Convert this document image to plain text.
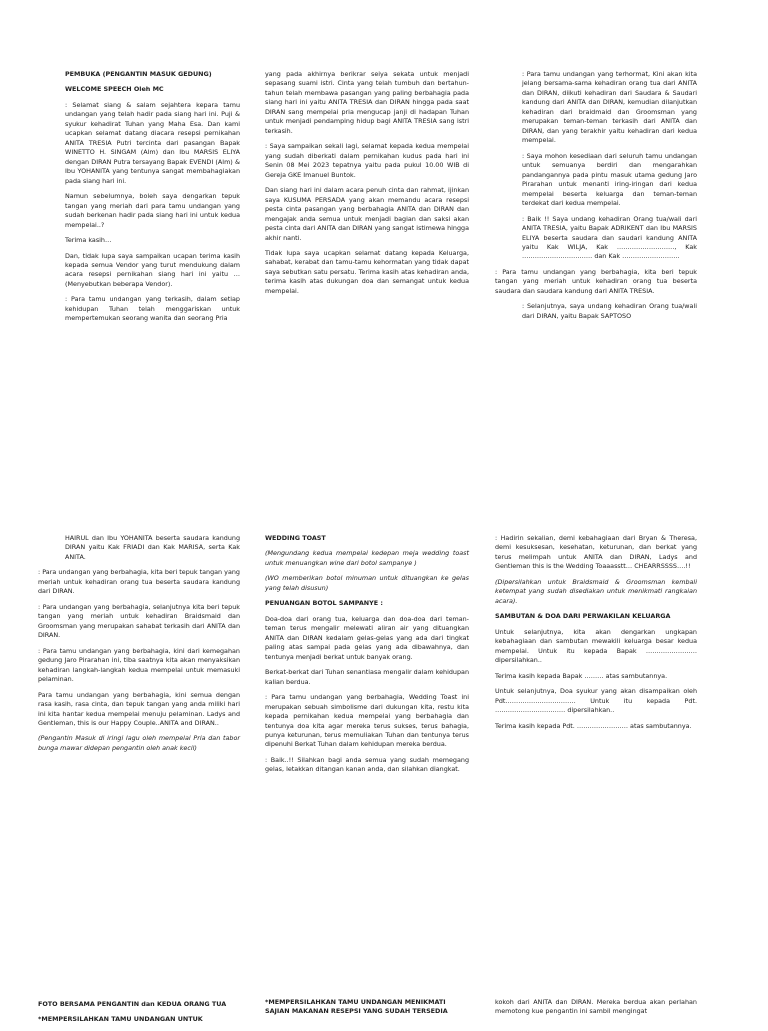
PEMBUKA (PENGANTIN MASUK GEDUNG)

WELCOME SPEECH Oleh MC

: Selamat siang & salam sejahtera kepara tamu undangan yang telah hadir pada siang hari ini. Puji & syukur kehadirat Tuhan yang Maha Esa. Dan kami ucapkan selamat datang diacara resepsi pernikahan ANITA TRESIA Putri tercinta dari pasangan Bapak WINETTO H. SINGAM (Alm) dan Ibu MARSIS ELIYA dengan DIRAN Putra tersayang Bapak EVENDI (Alm) & Ibu YOHANITA yang tentunya sangat membahagiakan pada siang hari ini.

Namun sebelumnya, boleh saya dengarkan tepuk tangan yang meriah dari para tamu undangan yang sudah berkenan hadir pada siang hari ini untuk kedua mempelai..?

Terima kasih…

Dan, tidak lupa saya sampaikan ucapan terima kasih kepada semua Vendor yang turut mendukung dalam acara resepsi pernikahan siang hari ini yaitu … (Menyebutkan beberapa Vendor).

: Para tamu undangan yang terkasih, dalam setiap kehidupan Tuhan telah menggariskan untuk mempertemukan seorang wanita dan seorang Pria

yang pada akhirnya berikrar seiya sekata untuk menjadi sepasang suami istri. Cinta yang telah tumbuh dan bertahun-tahun telah membawa pasangan yang paling berbahagia pada siang hari ini yaitu ANITA TRESIA dan DIRAN hingga pada saat DIRAN sang mempelai pria mengucap janji di hadapan Tuhan untuk menjadi pendamping hidup bagi ANITA TRESIA sang istri terkasih.

: Saya sampaikan sekali lagi, selamat kepada kedua mempelai yang sudah diberkati dalam pernikahan kudus pada hari ini Senin 08 Mei 2023 tepatnya yaitu pada pukul 10.00 WIB di Gereja GKE Imanuel Buntok.

Dan siang hari ini dalam acara penuh cinta dan rahmat, ijinkan saya KUSUMA PERSADA yang akan memandu acara resepsi pesta cinta pasangan yang berbahagia ANITA dan DIRAN dan mengajak anda semua untuk menjadi bagian dan saksi akan pesta cinta dari ANITA dan DIRAN yang sangat istimewa hingga akhir nanti.

Tidak lupa saya ucapkan selamat datang kepada Keluarga, sahabat, kerabat dan tamu-tamu kehormatan yang tidak dapat saya sebutkan satu persatu. Terima kasih atas kehadiran anda, terima kasih atas dukungan doa dan semangat untuk kedua mempelai.

: Para tamu undangan yang terhormat, Kini akan kita jelang bersama-sama kehadiran orang tua dari ANITA dan DIRAN, diikuti kehadiran dari Saudara & Saudari kandung dari ANITA dan DIRAN, kemudian dilanjutkan kehadiran dari braidmaid dan Groomsman yang merupakan teman-teman terkasih dari ANITA dan DIRAN, dan yang terakhir yaitu kehadiran dari kedua mempelai.

: Saya mohon kesediaan dari seluruh tamu undangan untuk semuanya berdiri dan mengarahkan pandangannya pada pintu masuk utama gedung Jaro Pirarahan untuk menanti iring-iringan dari kedua mempelai beserta keluarga dan teman-teman terdekat dari kedua mempelai.

: Baik !! Saya undang kehadiran Orang tua/wali dari ANITA TRESIA, yaitu Bapak ADRIKENT dan Ibu MARSIS ELIYA beserta saudara dan saudari kandung ANITA yaitu Kak WILJA, Kak ………………………, Kak …………………………… dan Kak ………………………

: Para tamu undangan yang berbahagia, kita beri tepuk tangan yang meriah untuk kehadiran orang tua beserta saudara dan saudara kandung dari ANITA TRESIA.

: Selanjutnya, saya undang kehadiran Orang tua/wali dari DIRAN, yaitu Bapak SAPTOSO

HAIRUL dan Ibu YOHANITA beserta saudara kandung DIRAN yaitu Kak FRIADI dan Kak MARISA, serta Kak ANITA.

: Para undangan yang berbahagia, kita beri tepuk tangan yang meriah untuk kehadiran orang tua beserta saudara kandung dari DIRAN.

: Para undangan yang berbahagia, selanjutnya kita beri tepuk tangan yang meriah untuk kehadiran Braidsmaid dan Groomsman yang merupakan sahabat terkasih dari ANITA dan DIRAN.

: Para tamu undangan yang berbahagia, kini dari kemegahan gedung Jaro Pirarahan ini, tiba saatnya kita akan menyaksikan kehadiran langkah-langkah kedua mempelai untuk memasuki pelaminan.

Para tamu undangan yang berbahagia, kini semua dengan rasa kasih, rasa cinta, dan tepuk tangan yang anda miliki hari ini kita hantar kedua mempelai menuju pelaminan. Ladys and Gentleman, this is our Happy Couple..ANITA and DIRAN..

(Pengantin Masuk di iringi lagu oleh mempelai Pria dan tabor bunga mawar didepan pengantin oleh anak kecil)

WEDDING TOAST

(Mengundang kedua mempelai kedepan meja wedding toast untuk menuangkan wine dari botol sampanye )

(WO memberikan botol minuman untuk dituangkan ke gelas yang telah disusun)

PENUANGAN BOTOL SAMPANYE :

Doa-doa dari orang tua, keluarga dan doa-doa dari teman-teman terus mengalir melewati aliran air yang dituangkan ANITA dan DIRAN kedalam gelas-gelas yang ada dari tingkat paling atas sampai pada gelas yang ada dibawahnya, dan tentunya menjadi berkat untuk banyak orang.

Berkat-berkat dari Tuhan senantiasa mengalir dalam kehidupan kalian berdua.

: Para tamu undangan yang berbahagia, Wedding Toast ini merupakan sebuah simbolisme dari dukungan kita, restu kita kepada pernikahan kedua mempelai yang berbahagia dan tentunya doa kita agar mereka terus sukses, terus bahagia, punya keturunan, terus memuliakan Tuhan dan tentunya terus dipenuhi Berkat Tuhan dalam kehidupan mereka berdua.

: Baik..!! Silahkan bagi anda semua yang sudah memegang gelas, letakkan ditangan kanan anda, dan silahkan diangkat.

: Hadirin sekalian, demi kebahagiaan dari Bryan & Theresa, demi kesuksesan, kesehatan, keturunan, dan berkat yang terus melimpah untuk ANITA dan DIRAN, Ladys and Gentleman this is the Wedding Toaaasstt… CHEARRSSSS….!!

(Dipersilahkan untuk Braidsmaid & Groomsman kembali ketempat yang sudah disediakan untuk menikmati rangkaian acara).

SAMBUTAN & DOA DARI PERWAKILAN KELUARGA

Untuk selanjutnya, kita akan dengarkan ungkapan kebahagiaan dan sambutan mewakili keluarga besar kedua mempelai. Untuk itu kepada Bapak …………………… dipersilahkan..

Terima kasih kepada Bapak ……… atas sambutannya.

Untuk selanjutnya, Doa syukur yang akan disampaikan oleh Pdt…………………………… Untuk itu kepada Pdt. …………………………… dipersilahkan..

Terima kasih kepada Pdt. …………………… atas sambutannya.

FOTO BERSAMA PENGANTIN dan KEDUA ORANG TUA

*MEMPERSILAHKAN TAMU UNDANGAN UNTUK

*MEMPERSILAHKAN TAMU UNDANGAN MENIKMATI SAJIAN MAKANAN RESEPSI YANG SUDAH TERSEDIA

kokoh dari ANITA dan DIRAN. Mereka berdua akan perlahan memotong kue pengantin ini sambil mengingat
